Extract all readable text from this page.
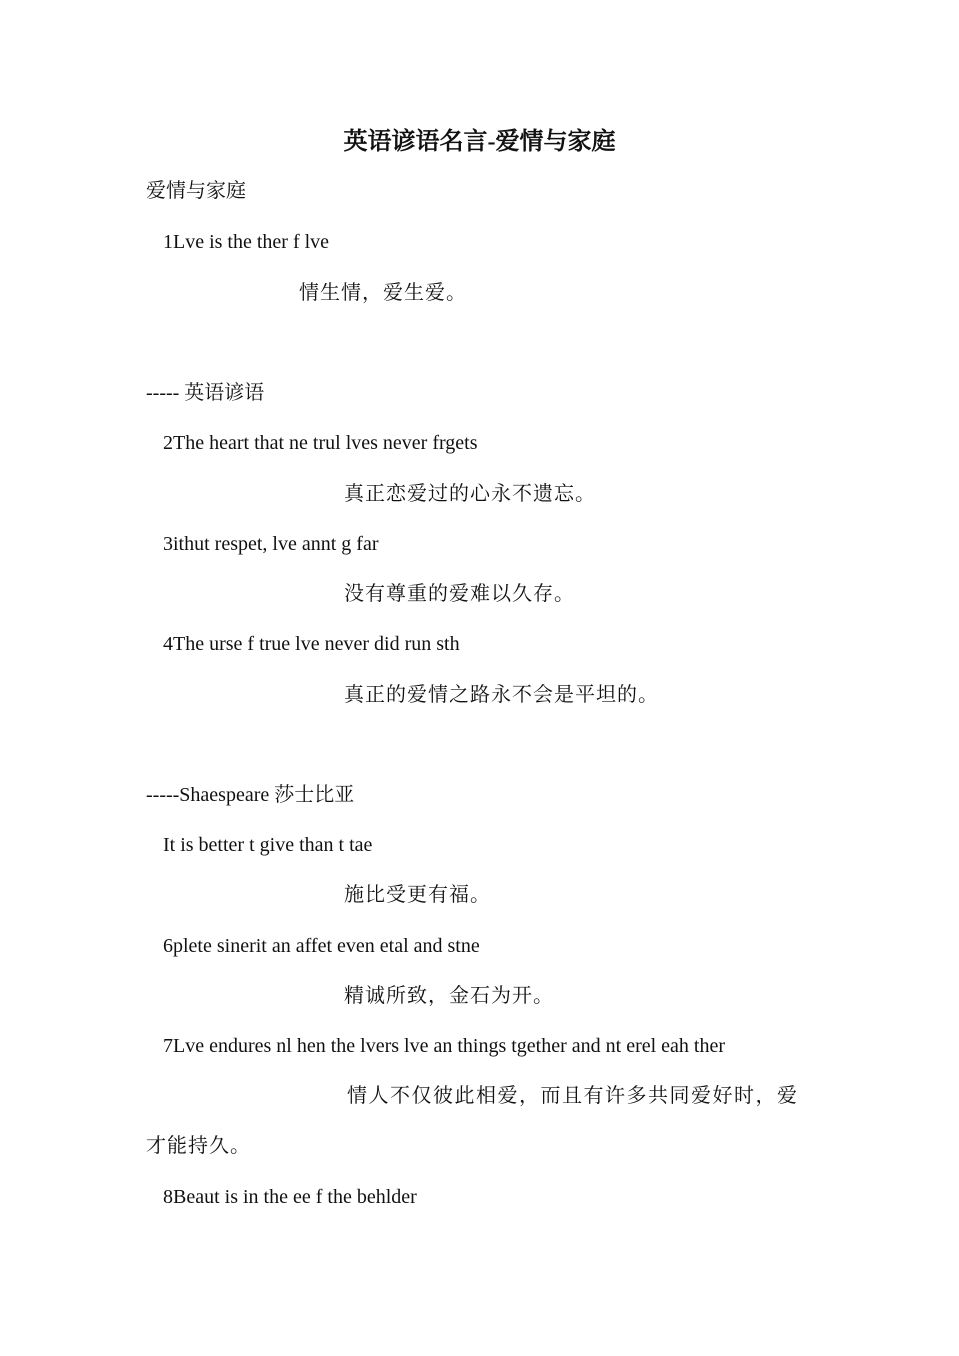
英语谚语名言-爱情与家庭
爱情与家庭
1Lve is the ther f lve
情生情，爱生爱。
----- 英语谚语
2The heart that ne trul lves never frgets
真正恋爱过的心永不遗忘。
3ithut respet, lve annt g far
没有尊重的爱难以久存。
4The urse f true lve never did run sth
真正的爱情之路永不会是平坦的。
-----Shaespeare 莎士比亚
It is better t give than t tae
施比受更有福。
6plete sinerit an affet even etal and stne
精诚所致，金石为开。
7Lve endures nl hen the lvers lve an things tgether and nt erel eah ther
情人不仅彼此相爱，而且有许多共同爱好时，爱
才能持久。
8Beaut is in the ee f the behlder
